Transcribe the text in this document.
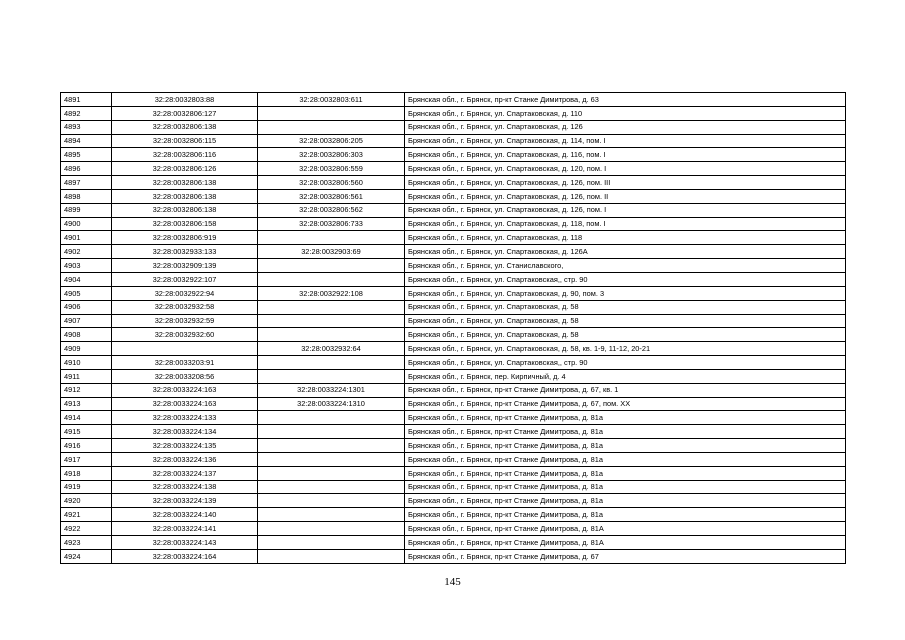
4891	32:28:0032803:88	32:28:0032803:611	Брянская обл., г. Брянск, пр-кт Станке Димитрова, д. 63
4892	32:28:0032806:127		Брянская обл., г. Брянск, ул. Спартаковская, д. 110
4893	32:28:0032806:138		Брянская обл., г. Брянск, ул. Спартаковская, д. 126
4894	32:28:0032806:115	32:28:0032806:205	Брянская обл., г. Брянск, ул. Спартаковская, д. 114, пом. I
4895	32:28:0032806:116	32:28:0032806:303	Брянская обл., г. Брянск, ул. Спартаковская, д. 116, пом. I
4896	32:28:0032806:126	32:28:0032806:559	Брянская обл., г. Брянск, ул. Спартаковская, д. 120, пом. I
4897	32:28:0032806:138	32:28:0032806:560	Брянская обл., г. Брянск, ул. Спартаковская, д. 126, пом. III
4898	32:28:0032806:138	32:28:0032806:561	Брянская обл., г. Брянск, ул. Спартаковская, д. 126, пом. II
4899	32:28:0032806:138	32:28:0032806:562	Брянская обл., г. Брянск, ул. Спартаковская, д. 126, пом. I
4900	32:28:0032806:158	32:28:0032806:733	Брянская обл., г. Брянск, ул. Спартаковская, д. 118, пом. I
4901	32:28:0032806:919		Брянская обл., г. Брянск, ул. Спартаковская, д. 118
4902	32:28:0032933:133	32:28:0032903:69	Брянская обл., г. Брянск, ул. Спартаковская, д. 126А
4903	32:28:0032909:139		Брянская обл., г. Брянск, ул. Станиславского,
4904	32:28:0032922:107		Брянская обл., г. Брянск, ул. Спартаковская,, стр. 90
4905	32:28:0032922:94	32:28:0032922:108	Брянская обл., г. Брянск, ул. Спартаковская, д. 90, пом. 3
4906	32:28:0032932:58		Брянская обл., г. Брянск, ул. Спартаковская, д. 58
4907	32:28:0032932:59		Брянская обл., г. Брянск, ул. Спартаковская, д. 58
4908	32:28:0032932:60		Брянская обл., г. Брянск, ул. Спартаковская, д. 58
4909		32:28:0032932:64	Брянская обл., г. Брянск, ул. Спартаковская, д. 58, кв. 1-9, 11-12, 20-21
4910	32:28:0033203:91		Брянская обл., г. Брянск, ул. Спартаковская,, стр. 90
4911	32:28:0033208:56		Брянская обл., г. Брянск, пер. Кирпичный, д. 4
4912	32:28:0033224:163	32:28:0033224:1301	Брянская обл., г. Брянск, пр-кт Станке Димитрова, д. 67, кв. 1
4913	32:28:0033224:163	32:28:0033224:1310	Брянская обл., г. Брянск, пр-кт Станке Димитрова, д. 67, пом. XX
4914	32:28:0033224:133		Брянская обл., г. Брянск, пр-кт Станке Димитрова, д. 81а
4915	32:28:0033224:134		Брянская обл., г. Брянск, пр-кт Станке Димитрова, д. 81а
4916	32:28:0033224:135		Брянская обл., г. Брянск, пр-кт Станке Димитрова, д. 81а
4917	32:28:0033224:136		Брянская обл., г. Брянск, пр-кт Станке Димитрова, д. 81а
4918	32:28:0033224:137		Брянская обл., г. Брянск, пр-кт Станке Димитрова, д. 81а
4919	32:28:0033224:138		Брянская обл., г. Брянск, пр-кт Станке Димитрова, д. 81а
4920	32:28:0033224:139		Брянская обл., г. Брянск, пр-кт Станке Димитрова, д. 81а
4921	32:28:0033224:140		Брянская обл., г. Брянск, пр-кт Станке Димитрова, д. 81а
4922	32:28:0033224:141		Брянская обл., г. Брянск, пр-кт Станке Димитрова, д. 81А
4923	32:28:0033224:143		Брянская обл., г. Брянск, пр-кт Станке Димитрова, д. 81А
4924	32:28:0033224:164		Брянская обл., г. Брянск, пр-кт Станке Димитрова, д. 67
145
